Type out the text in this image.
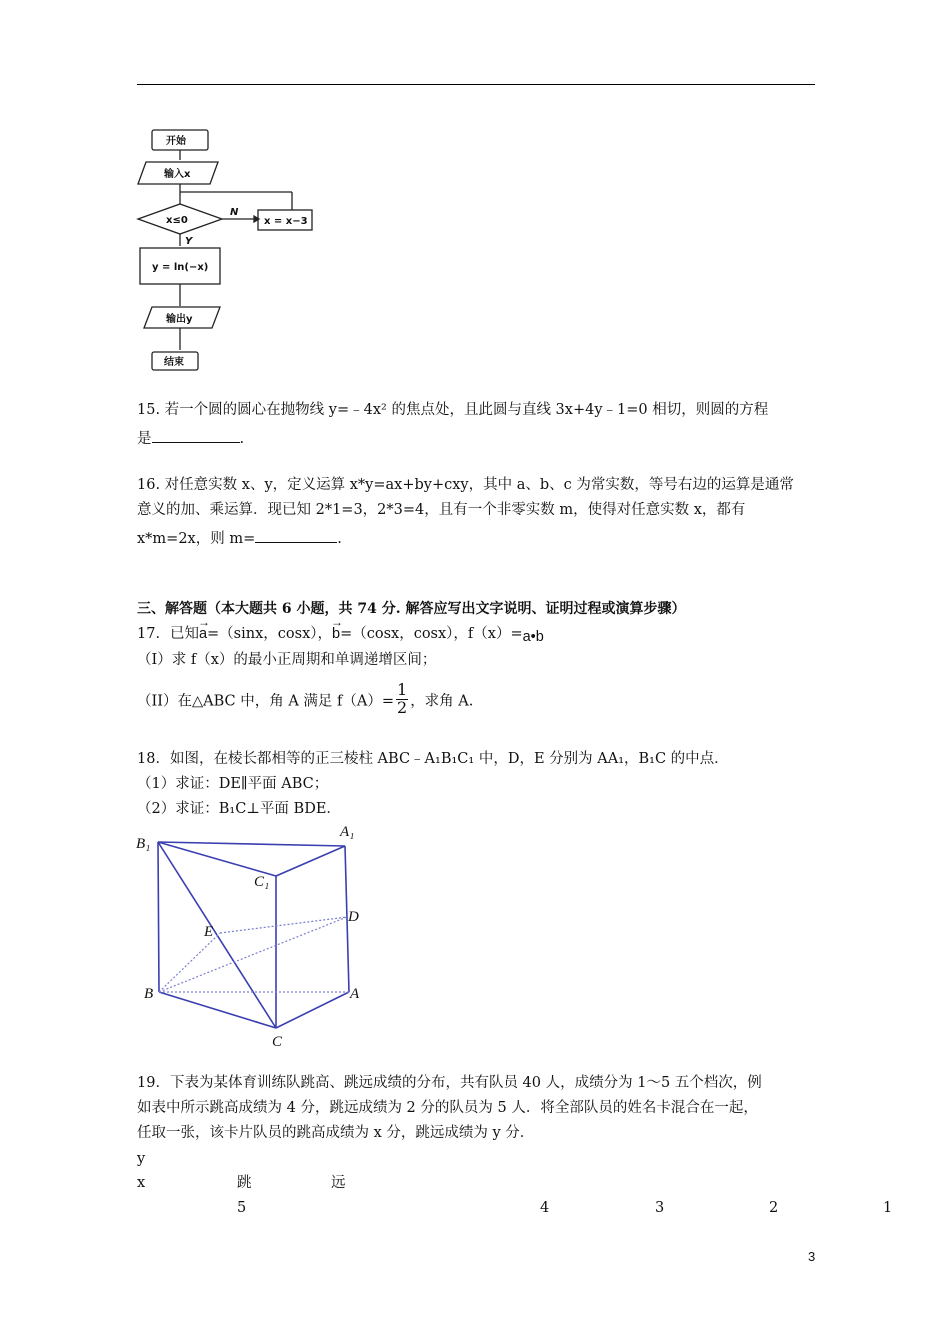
开始
输入x
x≤0
N
x = x−3
Y
y = ln(−x)
输出y
结束
15. 若一个圆的圆心在抛物线 y=﹣4x² 的焦点处，且此圆与直线 3x+4y﹣1=0 相切，则圆的方程
是	.
16. 对任意实数 x、y，定义运算 x*y=ax+by+cxy，其中 a、b、c 为常实数，等号右边的运算是通常
意义的加、乘运算．现已知 2*1=3，2*3=4，且有一个非零实数 m，使得对任意实数 x，都有
x*m=2x，则 m=	.
三、解答题（本大题共 6 小题，共 74 分. 解答应写出文字说明、证明过程或演算步骤）
17．已知→ a=（sinx，cosx），→ b=（cosx，cosx），f（x）=a•b
（I）求 f（x）的最小正周期和单调递增区间；
（II）在△ABC 中，角 A 满足 $f(A)= \frac{1}{2}$ ，求角 A.
18．如图，在棱长都相等的正三棱柱 ABC﹣A₁B₁C₁ 中，D，E 分别为 AA₁，B₁C 的中点．
（1）求证：DE∥平面 ABC；
（2）求证：B₁C⊥平面 BDE．
B₁
A₁
C₁
D
E
B	A
C
19．下表为某体育训练队跳高、跳远成绩的分布，共有队员 40 人，成绩分为 1～5 五个档次，例
如表中所示跳高成绩为 4 分，跳远成绩为 2 分的队员为 5 人．将全部队员的姓名卡混合在一起，
任取一张，该卡片队员的跳高成绩为 x 分，跳远成绩为 y 分．
y
x	跳	远
5	4	3	2	1
3
